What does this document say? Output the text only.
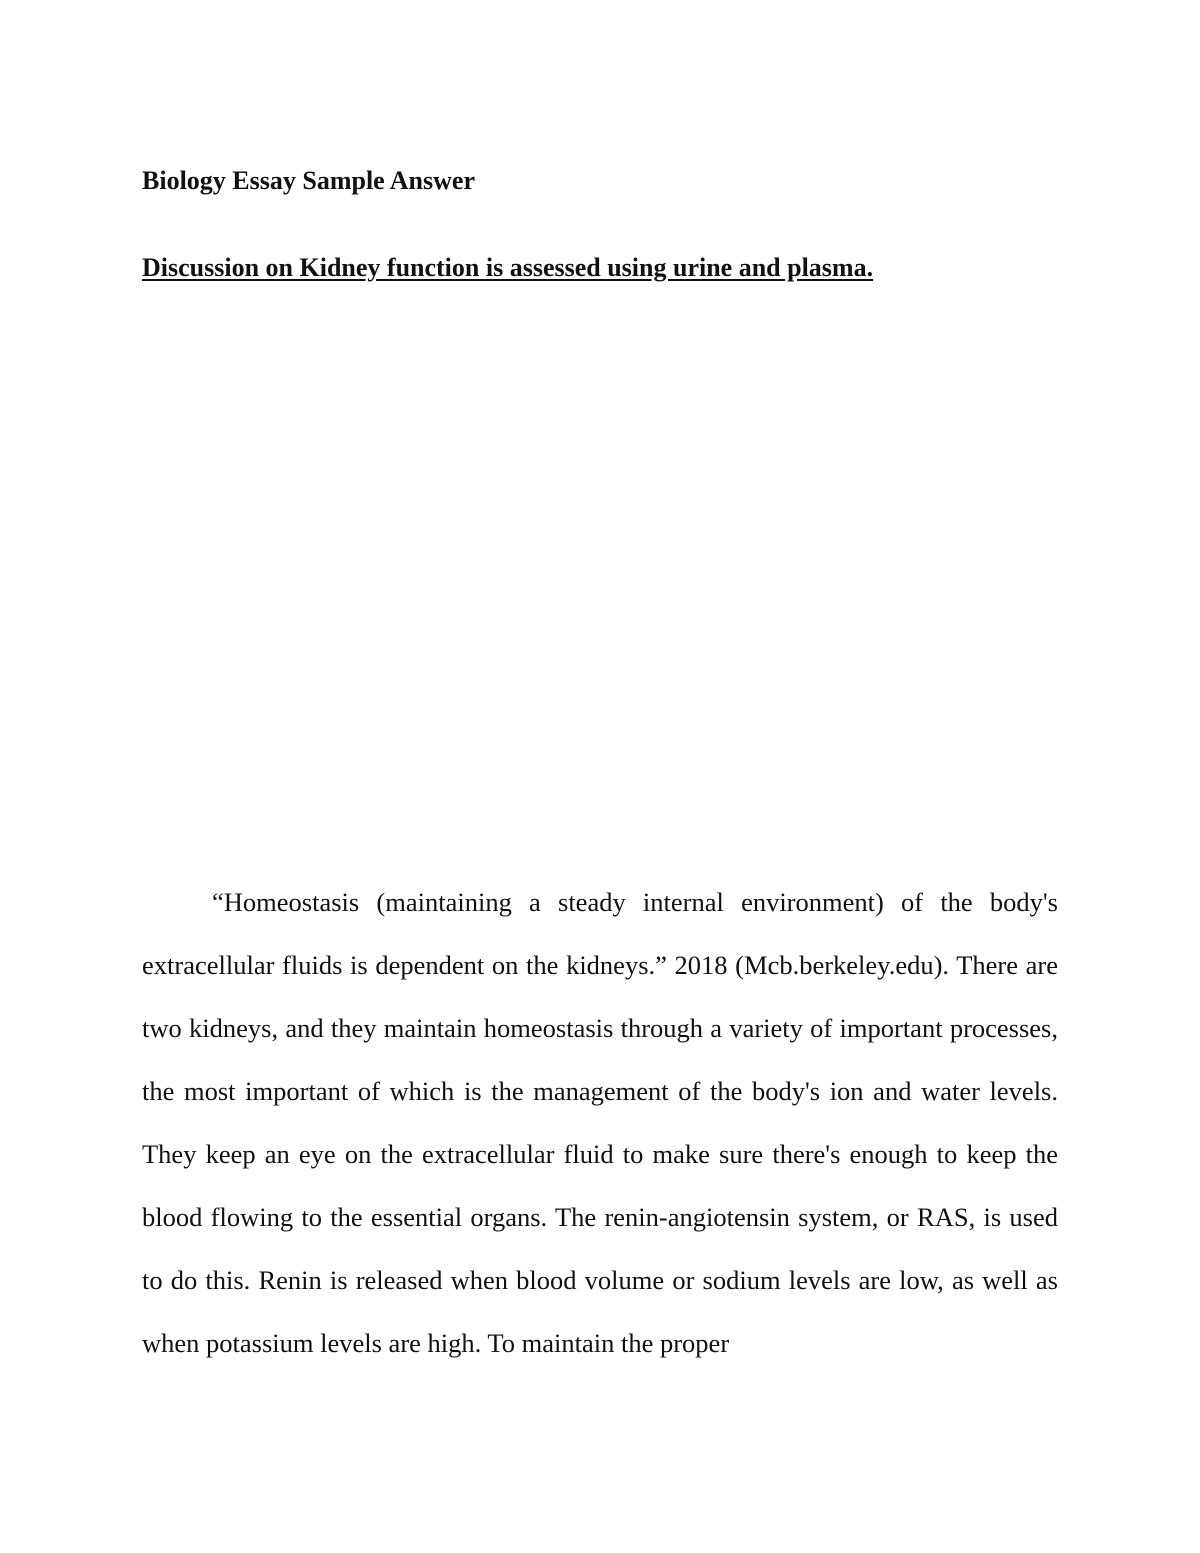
Biology Essay Sample Answer
Discussion on Kidney function is assessed using urine and plasma.

“Homeostasis (maintaining a steady internal environment) of the body's extracellular fluids is dependent on the kidneys.” 2018 (Mcb.berkeley.edu). There are two kidneys, and they maintain homeostasis through a variety of important processes, the most important of which is the management of the body's ion and water levels. They keep an eye on the extracellular fluid to make sure there's enough to keep the blood flowing to the essential organs. The renin-angiotensin system, or RAS, is used to do this. Renin is released when blood volume or sodium levels are low, as well as when potassium levels are high. To maintain the proper
